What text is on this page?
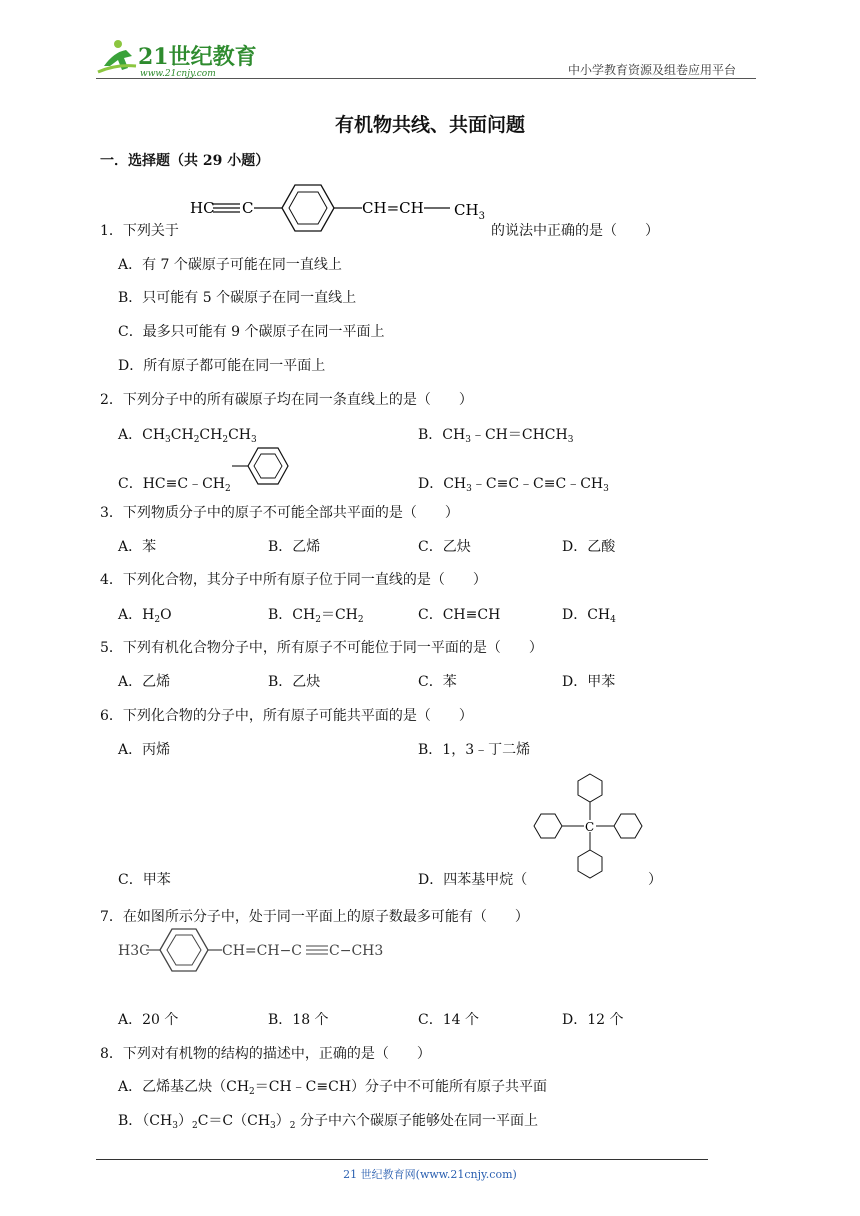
21世纪教育
www.21cnjy.com	中小学教育资源及组卷应用平台
有机物共线、共面问题
一．选择题（共 29 小题）
1．下列关于
HC C	CH=CH $CH_3$
的说法中正确的是（　　）
A．有 7 个碳原子可能在同一直线上
B．只可能有 5 个碳原子在同一直线上
C．最多只可能有 9 个碳原子在同一平面上
D．所有原子都可能在同一平面上
2．下列分子中的所有碳原子均在同一条直线上的是（　　）
A．$CH_3CH_2CH_2CH_3$	B．$CH_3﹣CH=CHCH_3$
C．$HC\equiv C﹣CH_2$	D．$CH_3﹣C\equiv C﹣C\equiv C﹣CH_3$
3．下列物质分子中的原子不可能全部共平面的是（　　）
A．苯	B．乙烯	C．乙炔	D．乙酸
4．下列化合物，其分子中所有原子位于同一直线的是（　　）
A．$H_2O$	B．$CH_2=CH_2$	C．CH≡CH	D．$CH_4$
5．下列有机化合物分子中，所有原子不可能位于同一平面的是（　　）
A．乙烯	B．乙炔	C．苯	D．甲苯
6．下列化合物的分子中，所有原子可能共平面的是（　　）
A．丙烯	B．1，3﹣丁二烯
C．甲苯	D．四苯基甲烷（
C
）
7．在如图所示分子中，处于同一平面上的原子数最多可能有（　　）
H3C	CH=CH−C C−CH3
A．20 个	B．18 个	C．14 个	D．12 个
8．下列对有机物的结构的描述中，正确的是（　　）
A．乙烯基乙炔$(CH_2=CH﹣C\equiv CH)$分子中不可能所有原子共平面
B．$(CH_3)_2C=C(CH_3)_2$ 分子中六个碳原子能够处在同一平面上
21 世纪教育网(www.21cnjy.com)
